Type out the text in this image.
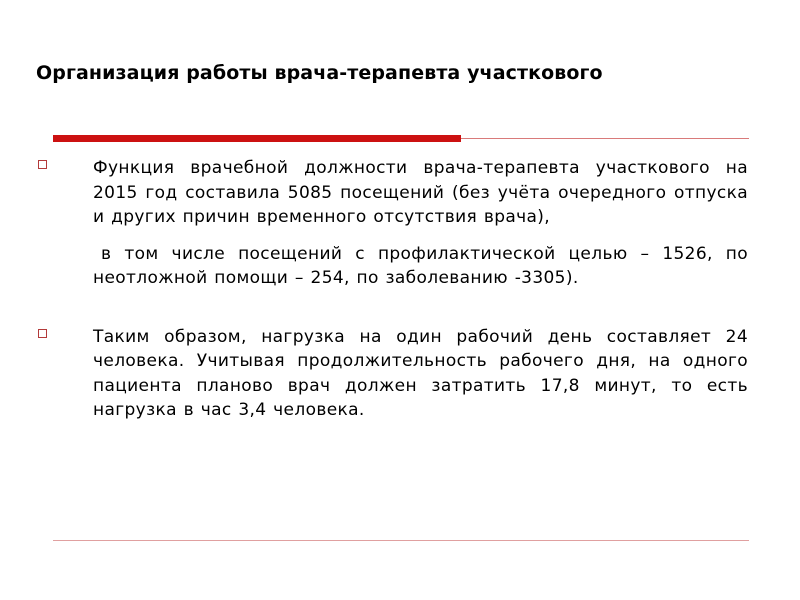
Организация работы врача-терапевта участкового
Функция врачебной должности врача-терапевта участкового на 2015 год составила 5085 посещений (без учёта очередного отпуска и других причин временного отсутствия врача),
в том числе посещений с профилактической целью – 1526, по неотложной помощи – 254, по заболеванию -3305).
Таким образом, нагрузка на один рабочий день составляет 24 человека. Учитывая продолжительность рабочего дня, на одного пациента планово врач должен затратить 17,8 минут, то есть нагрузка в час 3,4 человека.
